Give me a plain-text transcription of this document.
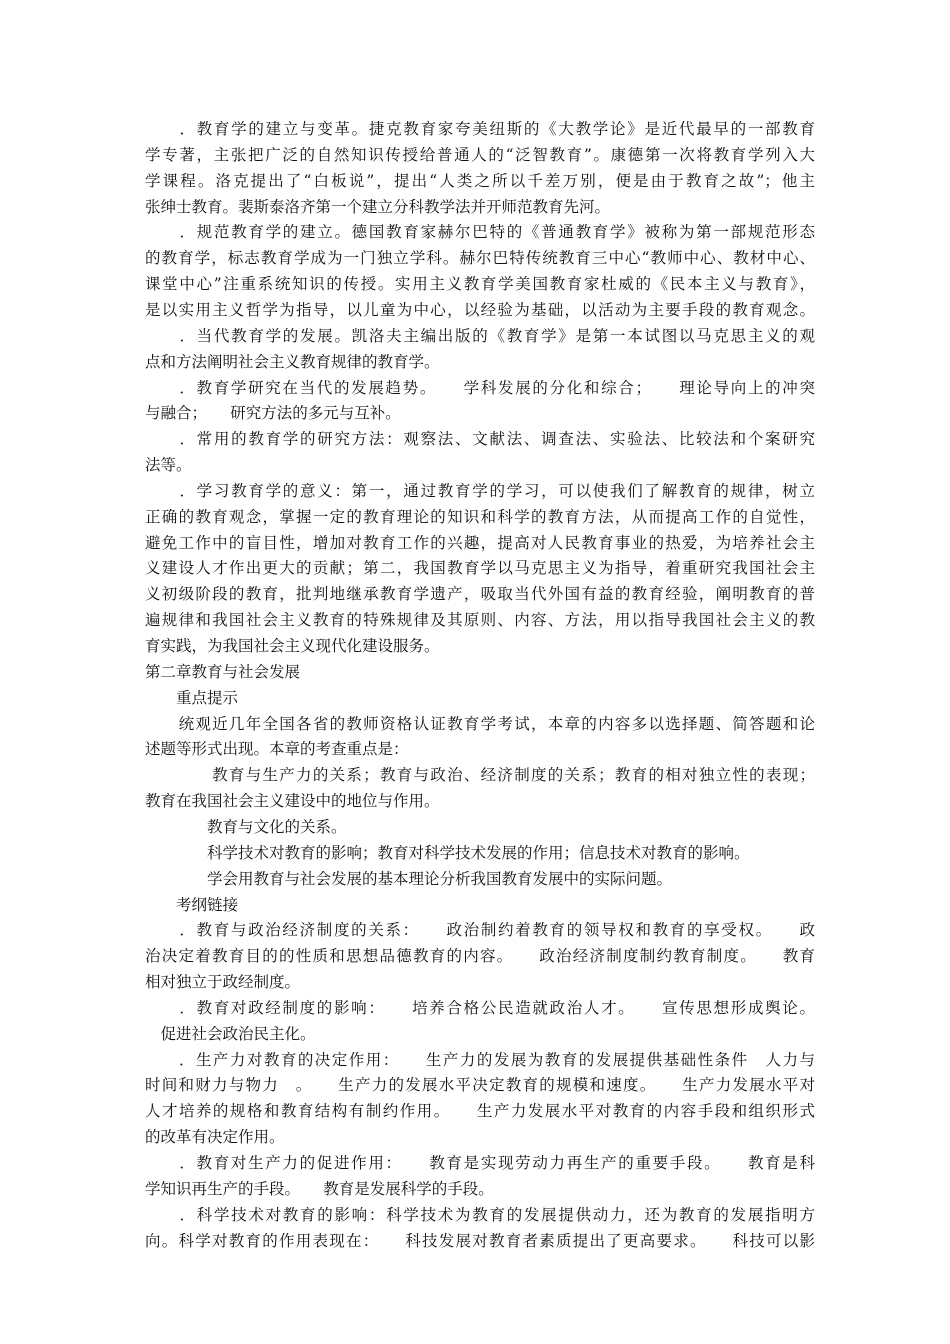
　　．教育学的建立与变革。捷克教育家夸美纽斯的《大教学论》是近代最早的一部教育
学专著，主张把广泛的自然知识传授给普通人的“泛智教育”。康德第一次将教育学列入大
学课程。洛克提出了“白板说”，提出“人类之所以千差万别，便是由于教育之故”；他主
张绅士教育。裴斯泰洛齐第一个建立分科教学法并开师范教育先河。
　　．规范教育学的建立。德国教育家赫尔巴特的《普通教育学》被称为第一部规范形态
的教育学，标志教育学成为一门独立学科。赫尔巴特传统教育三中心“教师中心、教材中心、
课堂中心”注重系统知识的传授。实用主义教育学美国教育家杜威的《民本主义与教育》，
是以实用主义哲学为指导，以儿童为中心，以经验为基础，以活动为主要手段的教育观念。
　　．当代教育学的发展。凯洛夫主编出版的《教育学》是第一本试图以马克思主义的观
点和方法阐明社会主义教育规律的教育学。
　　．教育学研究在当代的发展趋势。　　学科发展的分化和综合；　　理论导向上的冲突
与融合；　　研究方法的多元与互补。
　　．常用的教育学的研究方法：观察法、文献法、调查法、实验法、比较法和个案研究
法等。
　　．学习教育学的意义：第一，通过教育学的学习，可以使我们了解教育的规律，树立
正确的教育观念，掌握一定的教育理论的知识和科学的教育方法，从而提高工作的自觉性，
避免工作中的盲目性，增加对教育工作的兴趣，提高对人民教育事业的热爱，为培养社会主
义建设人才作出更大的贡献；第二，我国教育学以马克思主义为指导，着重研究我国社会主
义初级阶段的教育，批判地继承教育学遗产，吸取当代外国有益的教育经验，阐明教育的普
遍规律和我国社会主义教育的特殊规律及其原则、内容、方法，用以指导我国社会主义的教
育实践，为我国社会主义现代化建设服务。
第二章教育与社会发展
　　重点提示
　　统观近几年全国各省的教师资格认证教育学考试，本章的内容多以选择题、简答题和论
述题等形式出现。本章的考查重点是：
　　　　教育与生产力的关系；教育与政治、经济制度的关系；教育的相对独立性的表现；
教育在我国社会主义建设中的地位与作用。
　　　　教育与文化的关系。
　　　　科学技术对教育的影响；教育对科学技术发展的作用；信息技术对教育的影响。
　　　　学会用教育与社会发展的基本理论分析我国教育发展中的实际问题。
　　考纲链接
　　．教育与政治经济制度的关系：　　政治制约着教育的领导权和教育的享受权。　　政
治决定着教育目的的性质和思想品德教育的内容。　　政治经济制度制约教育制度。　　教育
相对独立于政经制度。
　　．教育对政经制度的影响：　　培养合格公民造就政治人才。　　宣传思想形成舆论。
　促进社会政治民主化。
　　．生产力对教育的决定作用：　　生产力的发展为教育的发展提供基础性条件　人力与
时间和财力与物力　。　　生产力的发展水平决定教育的规模和速度。　　生产力发展水平对
人才培养的规格和教育结构有制约作用。　　生产力发展水平对教育的内容手段和组织形式
的改革有决定作用。
　　．教育对生产力的促进作用：　　教育是实现劳动力再生产的重要手段。　　教育是科
学知识再生产的手段。　　教育是发展科学的手段。
　　．科学技术对教育的影响：科学技术为教育的发展提供动力，还为教育的发展指明方
向。科学对教育的作用表现在：　　科技发展对教育者素质提出了更高要求。　　科技可以影
